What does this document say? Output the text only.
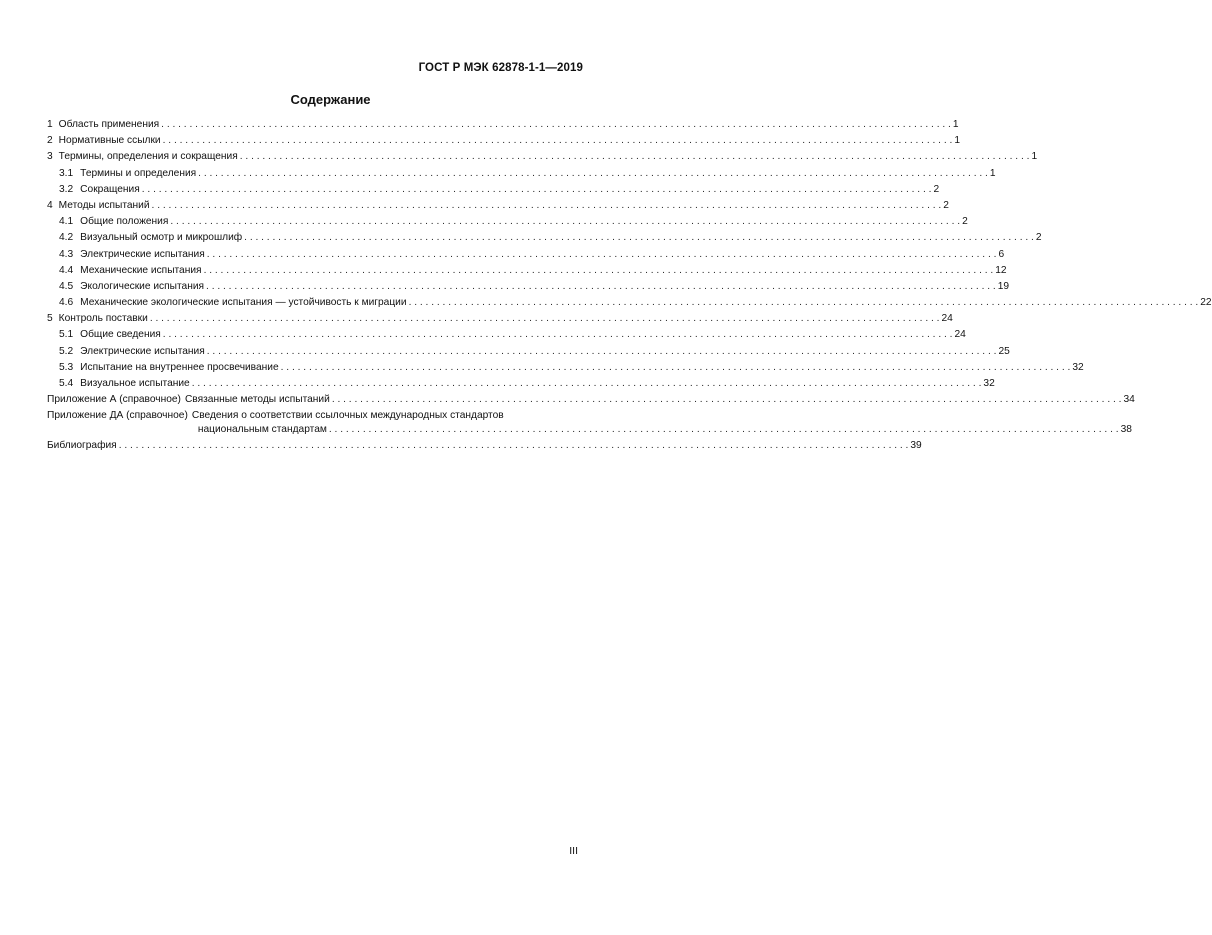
ГОСТ Р МЭК 62878-1-1—2019
Содержание
1 Область применения . . .	1
2 Нормативные ссылки . . .	1
3 Термины, определения и сокращения . . .	1
3.1 Термины и определения . . .	1
3.2 Сокращения . . .	2
4 Методы испытаний . . .	2
4.1 Общие положения . . .	2
4.2 Визуальный осмотр и микрошлиф . . .	2
4.3 Электрические испытания . . .	6
4.4 Механические испытания . . .	12
4.5 Экологические испытания . . .	19
4.6 Механические экологические испытания — устойчивость к миграции . . .	22
5 Контроль поставки . . .	24
5.1 Общие сведения . . .	24
5.2 Электрические испытания . . .	25
5.3 Испытание на внутреннее просвечивание . . .	32
5.4 Визуальное испытание . . .	32
Приложение А (справочное) Связанные методы испытаний . . .	34
Приложение ДА (справочное) Сведения о соответствии ссылочных международных стандартов
национальным стандартам . . .	38
Библиография . . .	39
III
